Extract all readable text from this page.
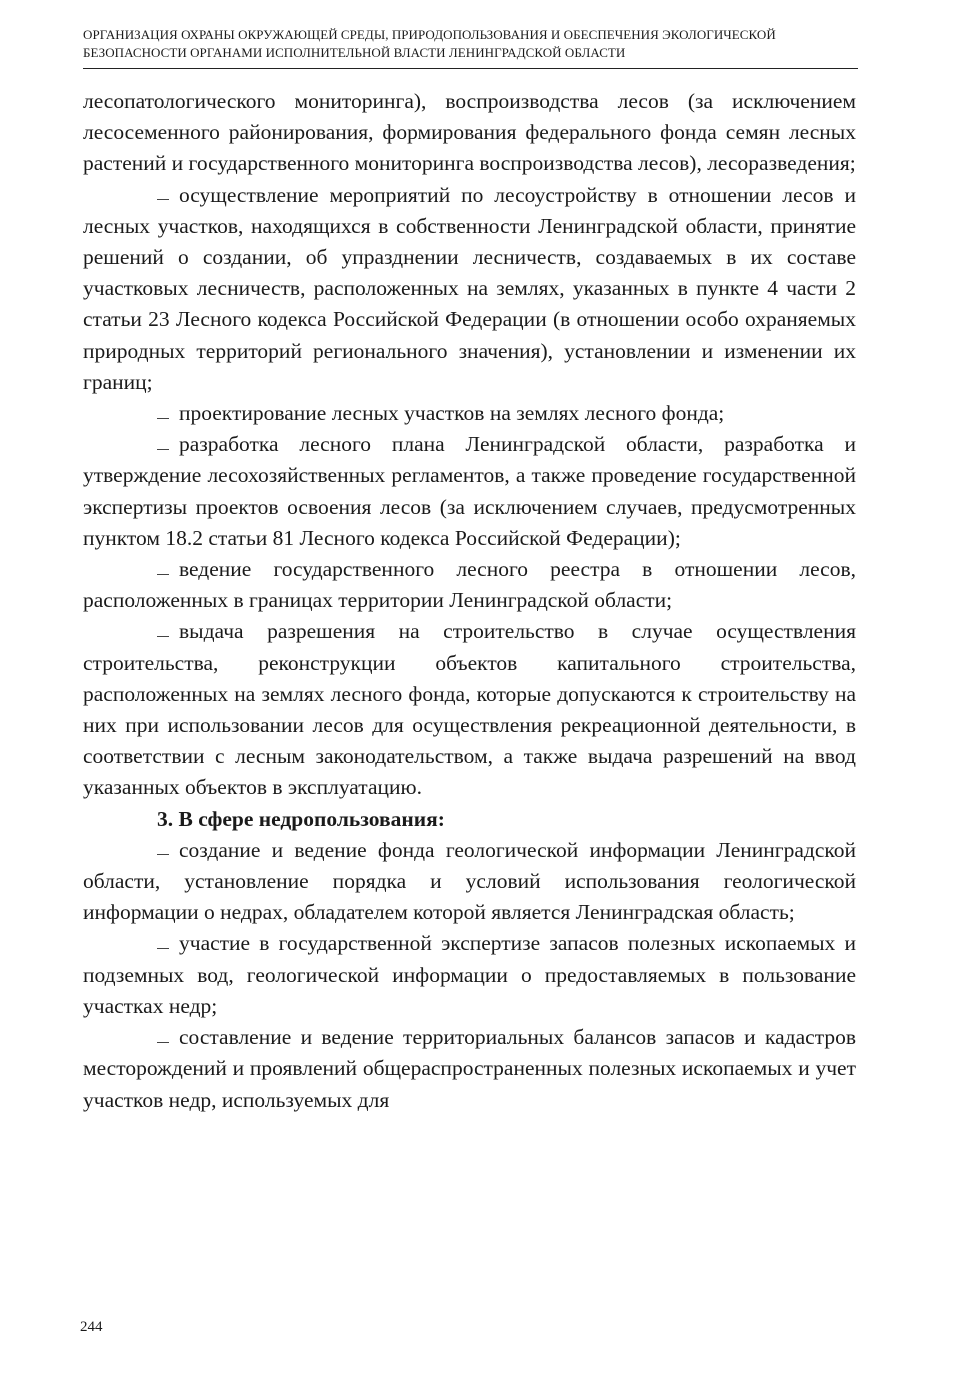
ОРГАНИЗАЦИЯ ОХРАНЫ ОКРУЖАЮЩЕЙ СРЕДЫ, ПРИРОДОПОЛЬЗОВАНИЯ И ОБЕСПЕЧЕНИЯ ЭКОЛОГИЧЕСКОЙ
БЕЗОПАСНОСТИ ОРГАНАМИ ИСПОЛНИТЕЛЬНОЙ ВЛАСТИ ЛЕНИНГРАДСКОЙ ОБЛАСТИ

лесопатологического мониторинга), воспроизводства лесов (за исключением лесосеменного районирования, формирования федерального фонда семян лесных растений и государственного мониторинга воспроизводства лесов), лесоразведения;

осуществление мероприятий по лесоустройству в отношении лесов и лесных участков, находящихся в собственности Ленинградской области, принятие решений о создании, об упразднении лесничеств, создаваемых в их составе участковых лесничеств, расположенных на землях, указанных в пункте 4 части 2 статьи 23 Лесного кодекса Российской Федерации (в отношении особо охраняемых природных территорий регионального значения), установлении и изменении их границ;

проектирование лесных участков на землях лесного фонда;

разработка лесного плана Ленинградской области, разработка и утверждение лесохозяйственных регламентов, а также проведение государственной экспертизы проектов освоения лесов (за исключением случаев, предусмотренных пунктом 18.2 статьи 81 Лесного кодекса Российской Федерации);

ведение государственного лесного реестра в отношении лесов, расположенных в границах территории Ленинградской области;

выдача разрешения на строительство в случае осуществления строительства, реконструкции объектов капитального строительства, расположенных на землях лесного фонда, которые допускаются к строительству на них при использовании лесов для осуществления рекреационной деятельности, в соответствии с лесным законодательством, а также выдача разрешений на ввод указанных объектов в эксплуатацию.

3. В сфере недропользования:

создание и ведение фонда геологической информации Ленинградской области, установление порядка и условий использования геологической информации о недрах, обладателем которой является Ленинградская область;

участие в государственной экспертизе запасов полезных ископаемых и подземных вод, геологической информации о предоставляемых в пользование участках недр;

составление и ведение территориальных балансов запасов и кадастров месторождений и проявлений общераспространенных полезных ископаемых и учет участков недр, используемых для

244
